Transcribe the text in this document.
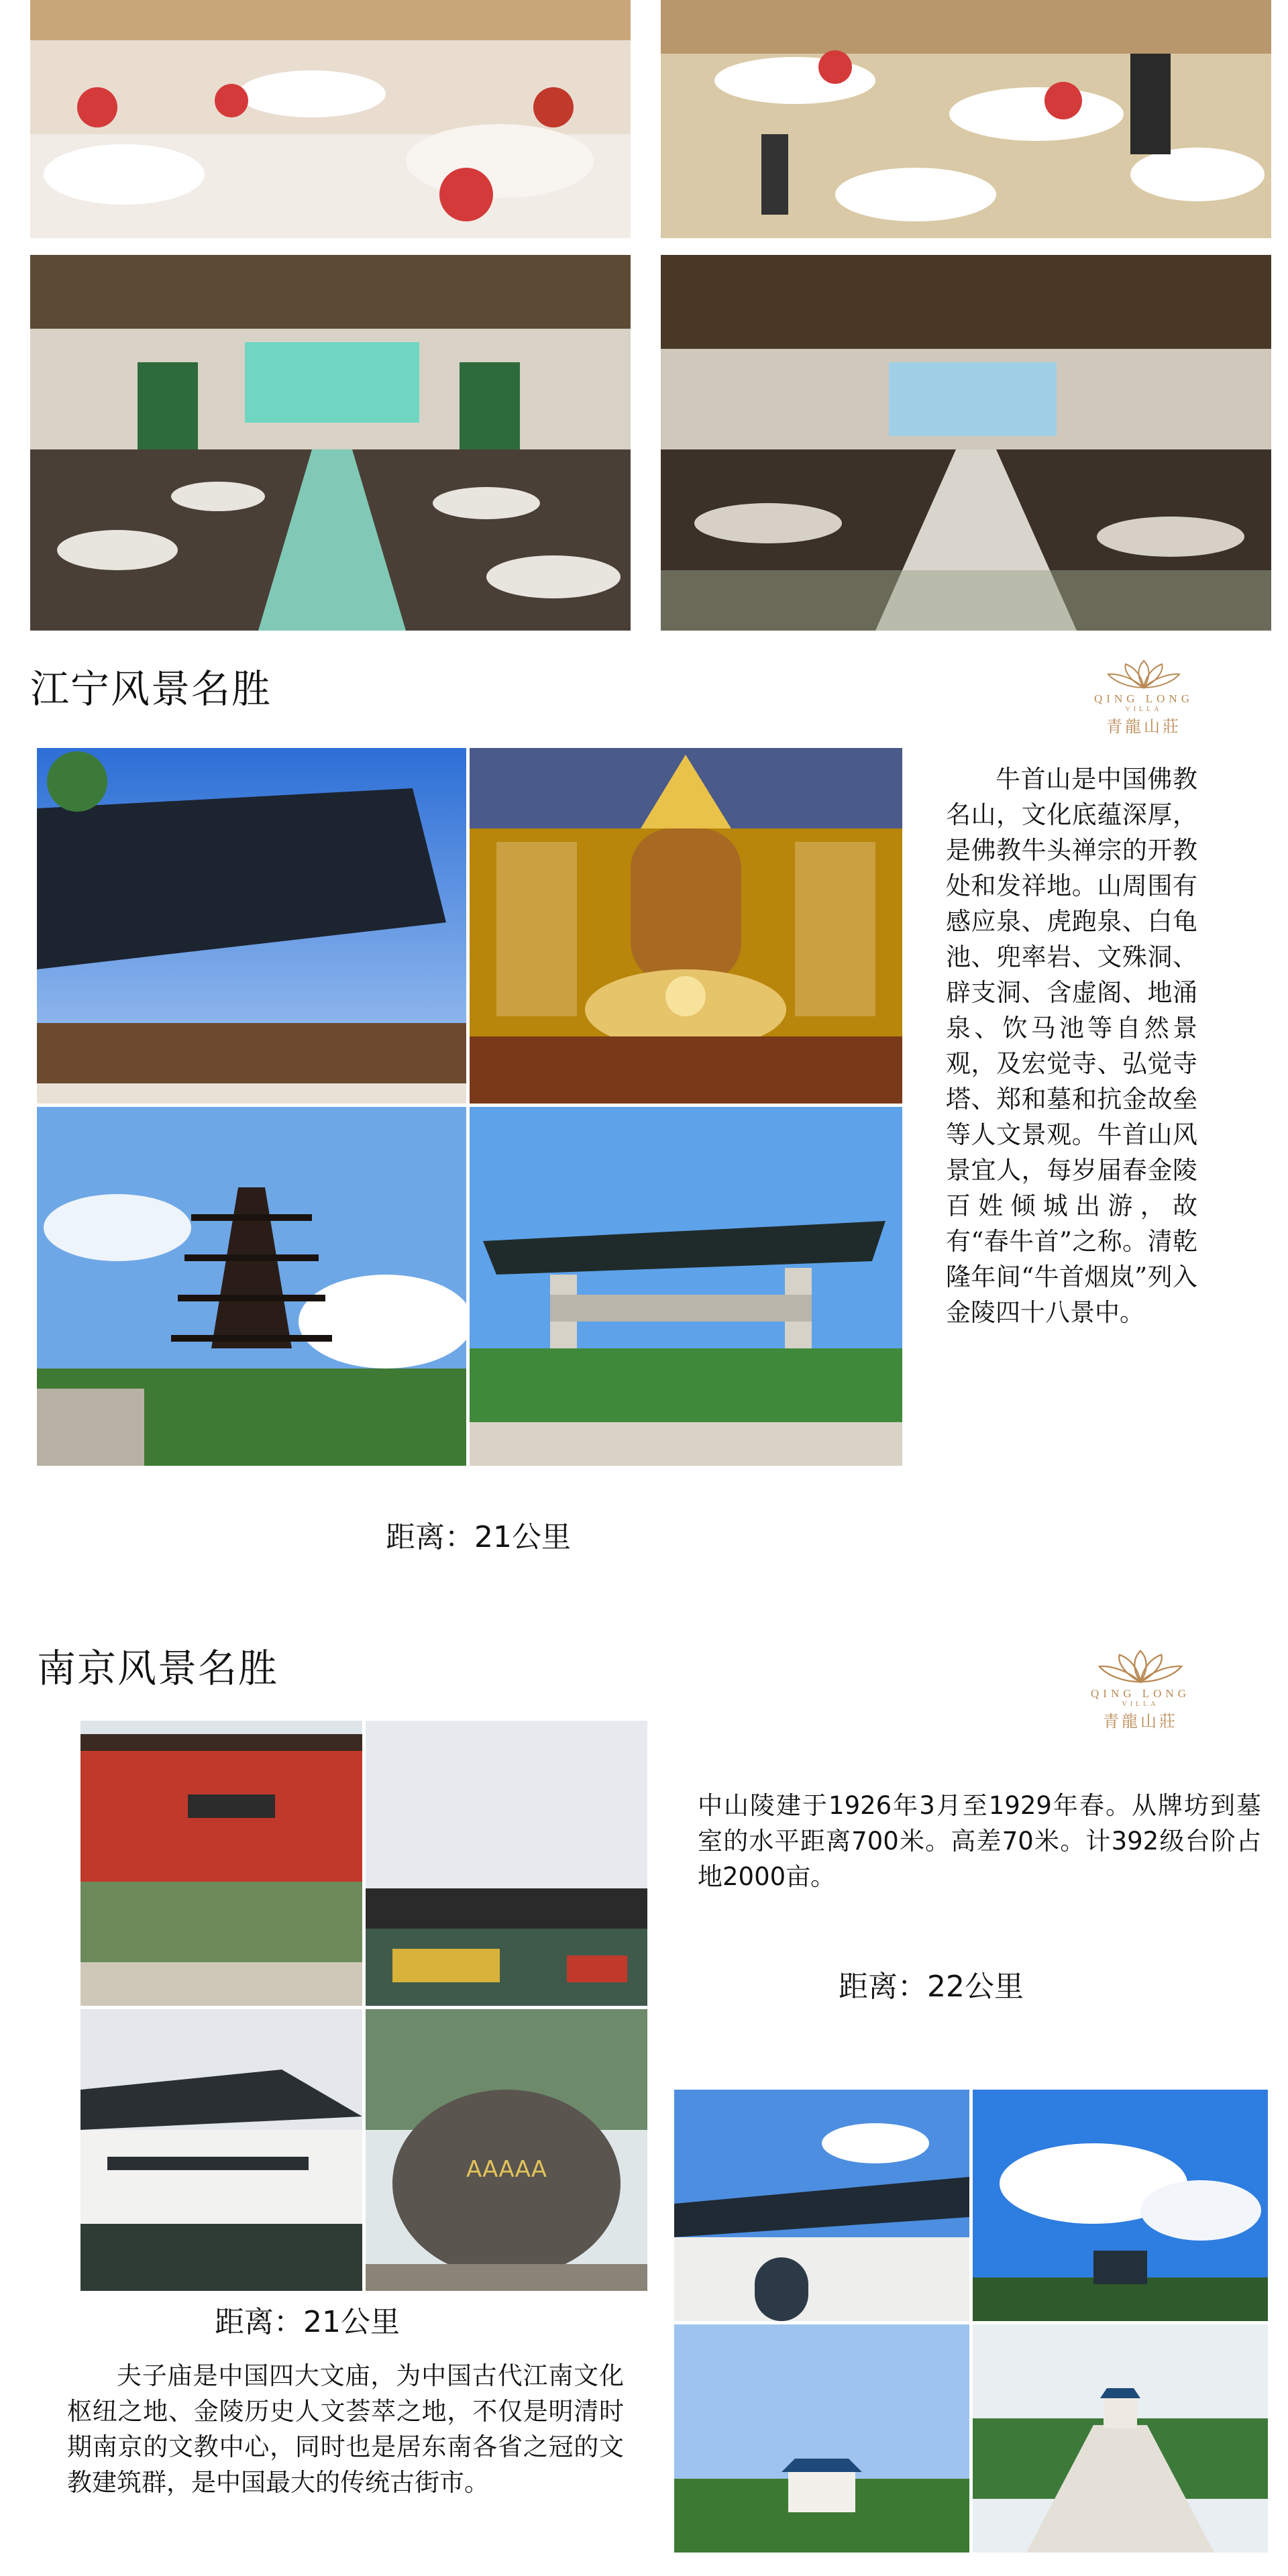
江宁风景名胜	QING LONG
VILLA
青龍山莊
牛首山是中国佛教名山，文化底蕴深厚，是佛教牛头禅宗的开教处和发祥地。山周围有感应泉、虎跑泉、白龟池、兜率岩、文殊洞、辟支洞、含虚阁、地涌泉、饮马池等自然景观，及宏觉寺、弘觉寺塔、郑和墓和抗金故垒等人文景观。牛首山风景宜人，每岁届春金陵百姓倾城出游，故有“春牛首”之称。清乾隆年间“牛首烟岚”列入金陵四十八景中。
距离：21公里
南京风景名胜
QING LONG
VILLA
青龍山莊
AAAAA
中山陵建于1926年3月至1929年春。从牌坊到墓室的水平距离700米。高差70米。计392级台阶占地2000亩。
距离：22公里
距离：21公里
夫子庙是中国四大文庙，为中国古代江南文化枢纽之地、金陵历史人文荟萃之地，不仅是明清时期南京的文教中心，同时也是居东南各省之冠的文教建筑群，是中国最大的传统古街市。
